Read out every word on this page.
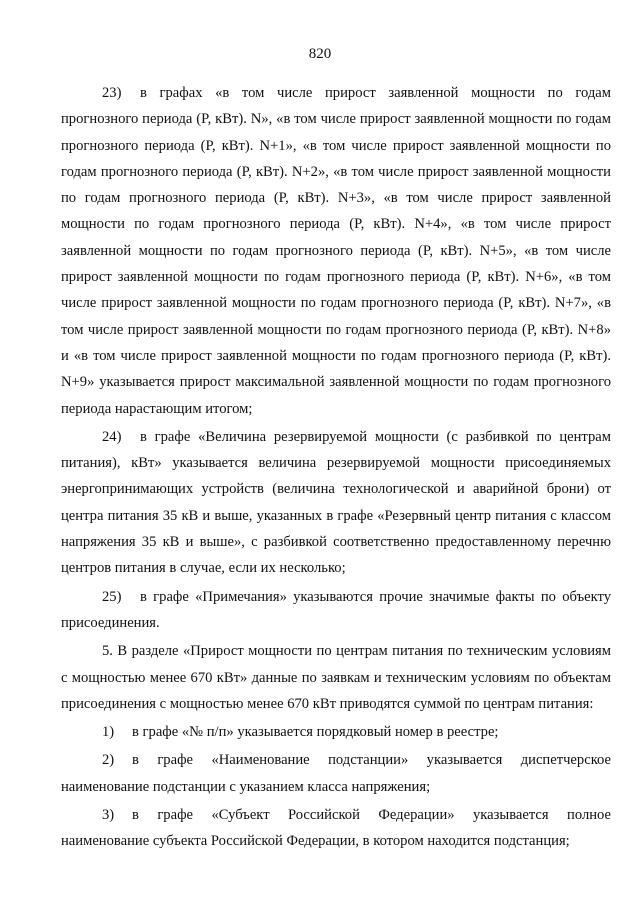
820

23) в графах «в том числе прирост заявленной мощности по годам прогнозного периода (P, кВт). N», «в том числе прирост заявленной мощности по годам прогнозного периода (P, кВт). N+1», «в том числе прирост заявленной мощности по годам прогнозного периода (P, кВт). N+2», «в том числе прирост заявленной мощности по годам прогнозного периода (P, кВт). N+3», «в том числе прирост заявленной мощности по годам прогнозного периода (P, кВт). N+4», «в том числе прирост заявленной мощности по годам прогнозного периода (P, кВт). N+5», «в том числе прирост заявленной мощности по годам прогнозного периода (P, кВт). N+6», «в том числе прирост заявленной мощности по годам прогнозного периода (P, кВт). N+7», «в том числе прирост заявленной мощности по годам прогнозного периода (P, кВт). N+8» и «в том числе прирост заявленной мощности по годам прогнозного периода (P, кВт). N+9» указывается прирост максимальной заявленной мощности по годам прогнозного периода нарастающим итогом;

24) в графе «Величина резервируемой мощности (с разбивкой по центрам питания), кВт» указывается величина резервируемой мощности присоединяемых энергопринимающих устройств (величина технологической и аварийной брони) от центра питания 35 кВ и выше, указанных в графе «Резервный центр питания с классом напряжения 35 кВ и выше», с разбивкой соответственно предоставленному перечню центров питания в случае, если их несколько;

25) в графе «Примечания» указываются прочие значимые факты по объекту присоединения.

5. В разделе «Прирост мощности по центрам питания по техническим условиям с мощностью менее 670 кВт» данные по заявкам и техническим условиям по объектам присоединения с мощностью менее 670 кВт приводятся суммой по центрам питания:

1) в графе «№ п/п» указывается порядковый номер в реестре;

2) в графе «Наименование подстанции» указывается диспетчерское наименование подстанции с указанием класса напряжения;

3) в графе «Субъект Российской Федерации» указывается полное наименование субъекта Российской Федерации, в котором находится подстанция;
